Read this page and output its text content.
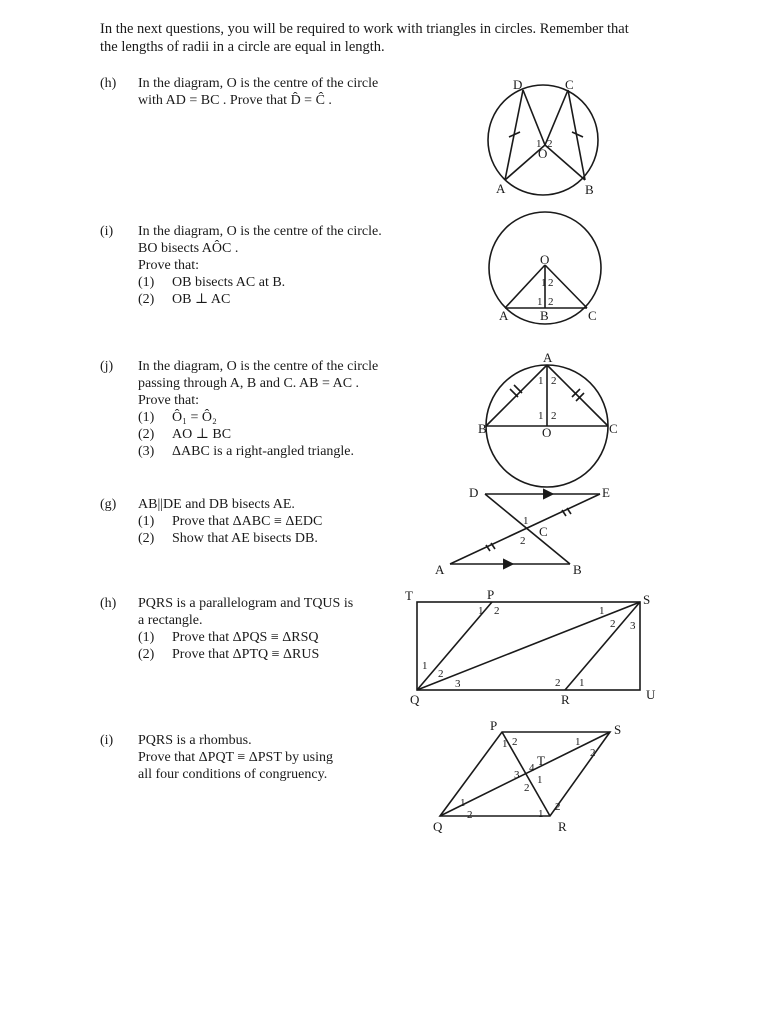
In the next questions, you will be required to work with triangles in circles. Remember that
the lengths of radii in a circle are equal in length.
(h) In the diagram, O is the centre of the circle
with AD = BC . Prove that D̂ = Ĉ .
(i) In the diagram, O is the centre of the circle.
BO bisects AÔC .
Prove that:
(1) OB bisects AC at B.
(2) OB ⊥ AC
(j) In the diagram, O is the centre of the circle
passing through A, B and C. AB = AC .
Prove that:
(1) Ô₁ = Ô₂
(2) AO ⊥ BC
(3) ΔABC is a right-angled triangle.
(g) AB||DE and DB bisects AE.
(1) Prove that ΔABC ≡ ΔEDC
(2) Show that AE bisects DB.
(h) PQRS is a parallelogram and TQUS is
a rectangle.
(1) Prove that ΔPQS ≡ ΔRSQ
(2) Prove that ΔPTQ ≡ ΔRUS
(i) PQRS is a rhombus.
Prove that ΔPQT ≡ ΔPST by using
all four conditions of congruency.
D	C
A	B
O
1 2
O
A B	C
1 2
1 2
A
B	C
O
1 2
1 2
D	E
A	B
C
1
2
T	P	S
Q	R	U
1 2	1
2 3
1
2
3	2 1
P	S
Q	R
T
1 2	1
2
3
4
2
1
1
2	1
2
